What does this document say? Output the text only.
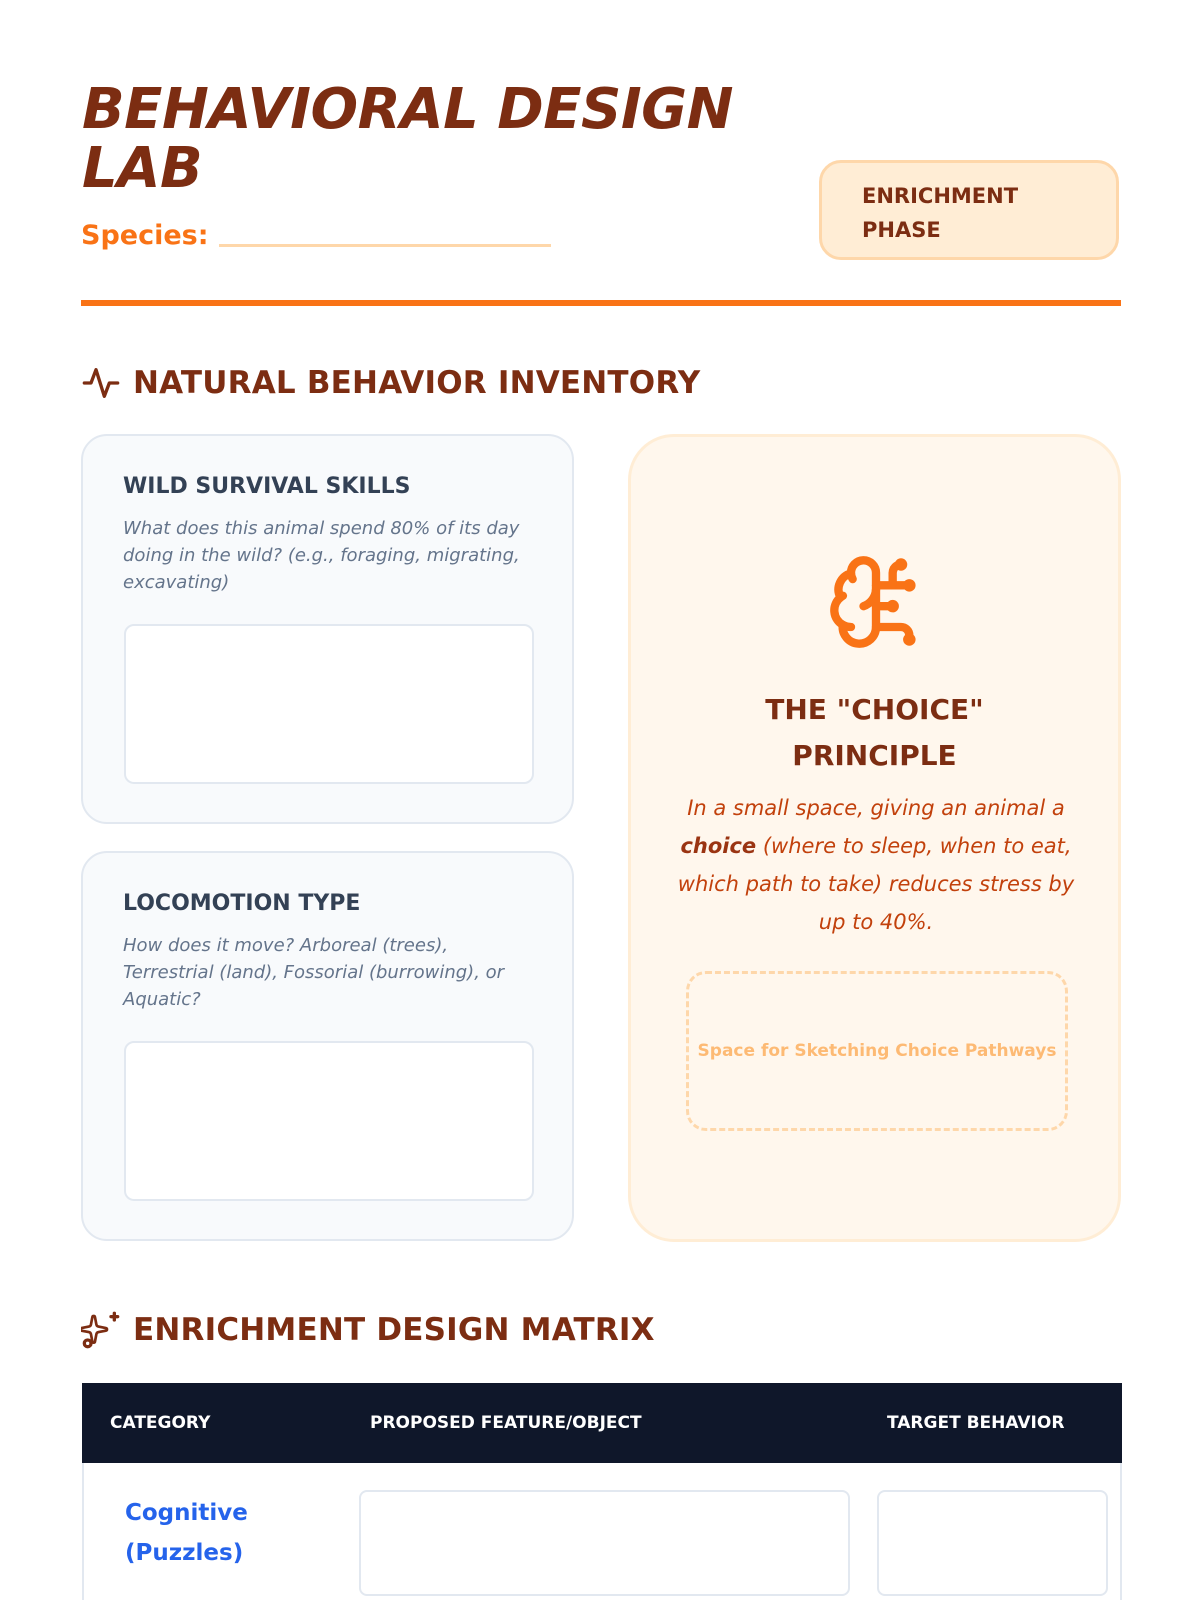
BEHAVIORAL DESIGN LAB
Species:
ENRICHMENT PHASE
NATURAL BEHAVIOR INVENTORY
WILD SURVIVAL SKILLS
What does this animal spend 80% of its day doing in the wild? (e.g., foraging, migrating, excavating)
LOCOMOTION TYPE
How does it move? Arboreal (trees), Terrestrial (land), Fossorial (burrowing), or Aquatic?
THE "CHOICE"
PRINCIPLE

In a small space, giving an animal a choice (where to sleep, when to eat, which path to take) reduces stress by up to 40%.

Space for Sketching Choice Pathways
ENRICHMENT DESIGN MATRIX
CATEGORY	PROPOSED FEATURE/OBJECT	TARGET BEHAVIOR
Cognitive (Puzzles)
